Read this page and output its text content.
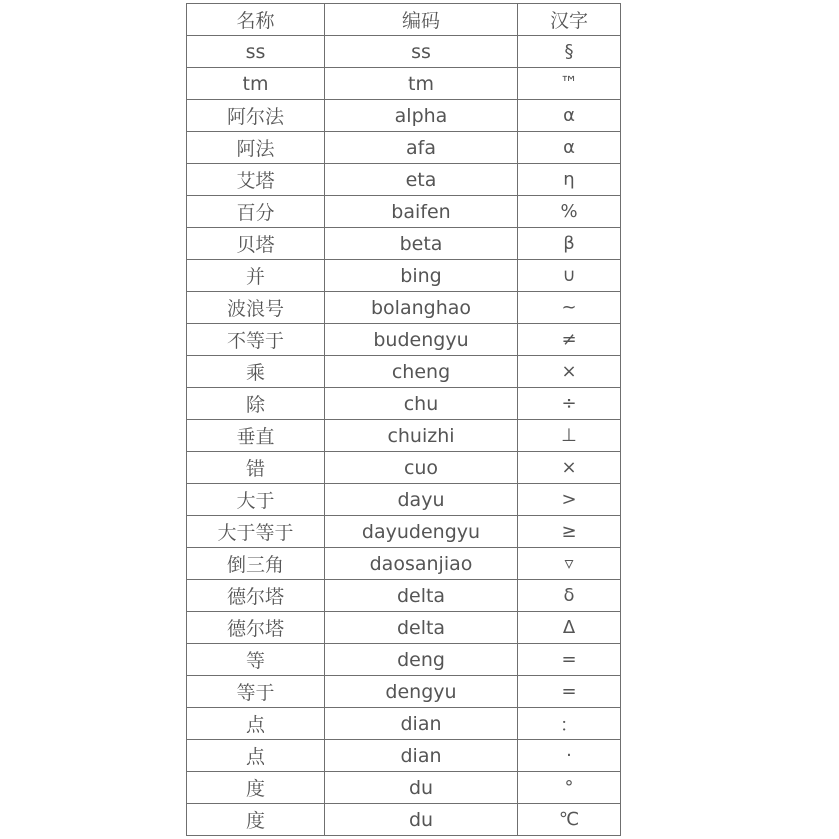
名称	编码	汉字
ss	ss	§
tm	tm	™
阿尔法	alpha	α
阿法	afa	α
艾塔	eta	η
百分	baifen	%
贝塔	beta	β
并	bing	∪
波浪号	bolanghao	~
不等于	budengyu	≠
乘	cheng	×
除	chu	÷
垂直	chuizhi	⊥
错	cuo	×
大于	dayu	>
大于等于	dayudengyu	≥
倒三角	daosanjiao	▿
德尔塔	delta	δ
德尔塔	delta	Δ
等	deng	=
等于	dengyu	=
点	dian	：
点	dian	·
度	du	°
度	du	℃
